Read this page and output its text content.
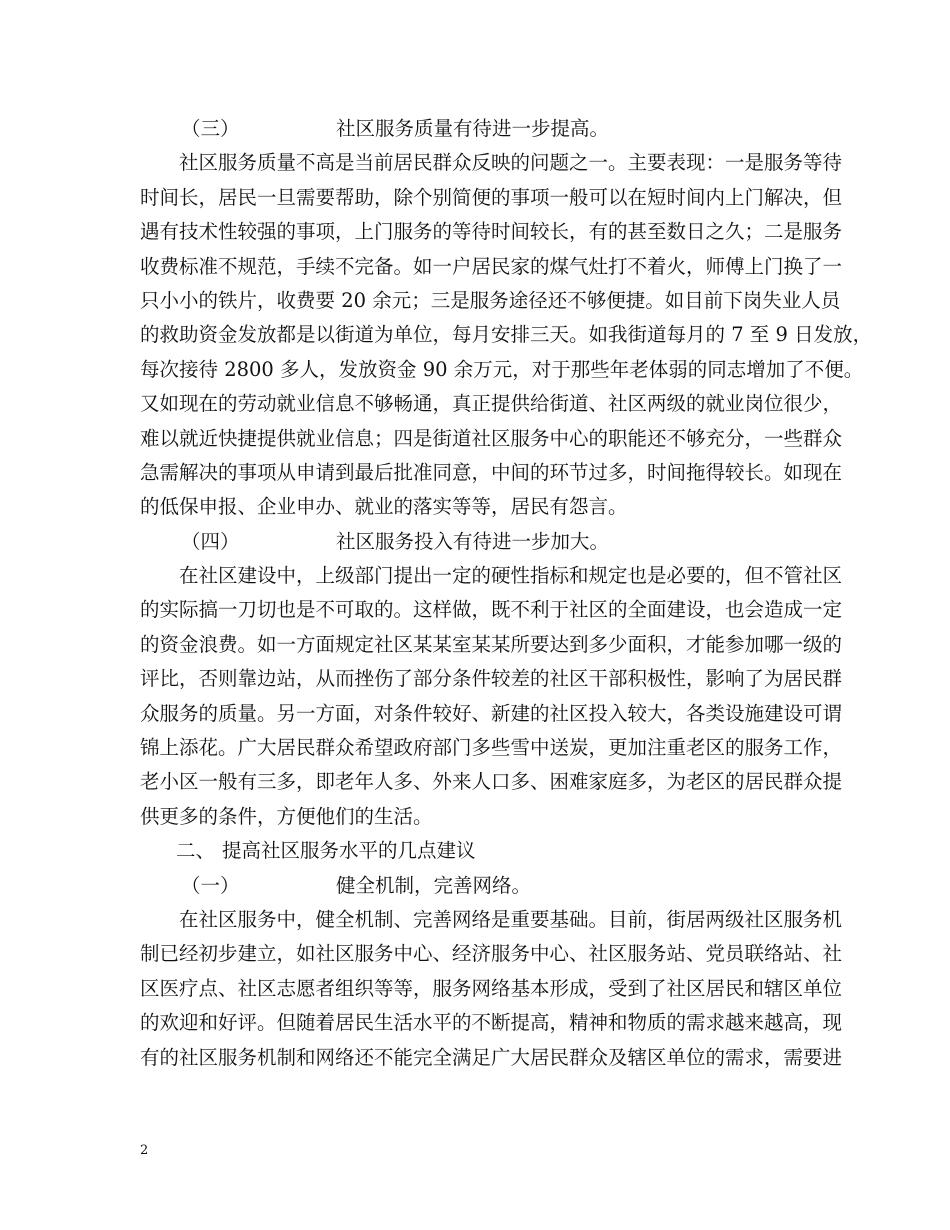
（三）	社区服务质量有待进一步提高。
社区服务质量不高是当前居民群众反映的问题之一。主要表现：一是服务等待
时间长，居民一旦需要帮助，除个别简便的事项一般可以在短时间内上门解决，但
遇有技术性较强的事项，上门服务的等待时间较长，有的甚至数日之久；二是服务
收费标准不规范，手续不完备。如一户居民家的煤气灶打不着火，师傅上门换了一
只小小的铁片，收费要 20 余元；三是服务途径还不够便捷。如目前下岗失业人员
的救助资金发放都是以街道为单位，每月安排三天。如我街道每月的 7 至 9 日发放，
每次接待 2800 多人，发放资金 90 余万元，对于那些年老体弱的同志增加了不便。
又如现在的劳动就业信息不够畅通，真正提供给街道、社区两级的就业岗位很少，
难以就近快捷提供就业信息；四是街道社区服务中心的职能还不够充分，一些群众
急需解决的事项从申请到最后批准同意，中间的环节过多，时间拖得较长。如现在
的低保申报、企业申办、就业的落实等等，居民有怨言。
（四）	社区服务投入有待进一步加大。
在社区建设中，上级部门提出一定的硬性指标和规定也是必要的，但不管社区
的实际搞一刀切也是不可取的。这样做，既不利于社区的全面建设，也会造成一定
的资金浪费。如一方面规定社区某某室某某所要达到多少面积，才能参加哪一级的
评比，否则靠边站，从而挫伤了部分条件较差的社区干部积极性，影响了为居民群
众服务的质量。另一方面，对条件较好、新建的社区投入较大，各类设施建设可谓
锦上添花。广大居民群众希望政府部门多些雪中送炭，更加注重老区的服务工作，
老小区一般有三多，即老年人多、外来人口多、困难家庭多，为老区的居民群众提
供更多的条件，方便他们的生活。
二、 提高社区服务水平的几点建议
（一）	健全机制，完善网络。
在社区服务中，健全机制、完善网络是重要基础。目前，街居两级社区服务机
制已经初步建立，如社区服务中心、经济服务中心、社区服务站、党员联络站、社
区医疗点、社区志愿者组织等等，服务网络基本形成，受到了社区居民和辖区单位
的欢迎和好评。但随着居民生活水平的不断提高，精神和物质的需求越来越高，现
有的社区服务机制和网络还不能完全满足广大居民群众及辖区单位的需求，需要进
2
